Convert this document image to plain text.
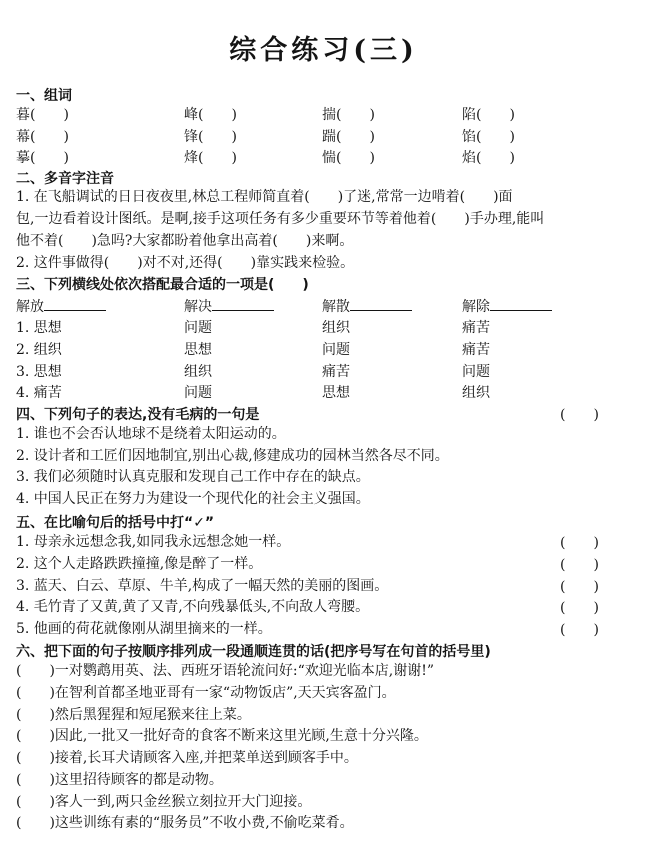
综合练习(三)
一、组词
暮(　　)	峰(　　)	揣(　　)	陷(　　)
幕(　　)	锋(　　)	踹(　　)	馅(　　)
摹(　　)	烽(　　)	惴(　　)	焰(　　)
二、多音字注音
1. 在飞船调试的日日夜夜里,林总工程师简直着(　　)了迷,常常一边啃着(　　)面
包,一边看着设计图纸。是啊,接手这项任务有多少重要环节等着他着(　　)手办理,能叫
他不着(　　)急吗?大家都盼着他拿出高着(　　)来啊。
2. 这件事做得(　　)对不对,还得(　　)靠实践来检验。
三、下列横线处依次搭配最合适的一项是(　　)
解放	解决	解散	解除
1. 思想	问题	组织	痛苦
2. 组织	思想	问题	痛苦
3. 思想	组织	痛苦	问题
4. 痛苦	问题	思想	组织
四、下列句子的表达,没有毛病的一句是	(　　)
1. 谁也不会否认地球不是绕着太阳运动的。
2. 设计者和工匠们因地制宜,别出心裁,修建成功的园林当然各尽不同。
3. 我们必须随时认真克服和发现自己工作中存在的缺点。
4. 中国人民正在努力为建设一个现代化的社会主义强国。
五、在比喻句后的括号中打“✓”
1. 母亲永远想念我,如同我永远想念她一样。	(　　)
2. 这个人走路跌跌撞撞,像是醉了一样。	(　　)
3. 蓝天、白云、草原、牛羊,构成了一幅天然的美丽的图画。	(　　)
4. 毛竹青了又黄,黄了又青,不向残暴低头,不向敌人弯腰。	(　　)
5. 他画的荷花就像刚从湖里摘来的一样。	(　　)
六、把下面的句子按顺序排列成一段通顺连贯的话(把序号写在句首的括号里)
(　　)一对鹦鹉用英、法、西班牙语轮流问好:“欢迎光临本店,谢谢!”
(　　)在智利首都圣地亚哥有一家“动物饭店”,天天宾客盈门。
(　　)然后黑猩猩和短尾猴来往上菜。
(　　)因此,一批又一批好奇的食客不断来这里光顾,生意十分兴隆。
(　　)接着,长耳犬请顾客入座,并把菜单送到顾客手中。
(　　)这里招待顾客的都是动物。
(　　)客人一到,两只金丝猴立刻拉开大门迎接。
(　　)这些训练有素的“服务员”不收小费,不偷吃菜肴。
